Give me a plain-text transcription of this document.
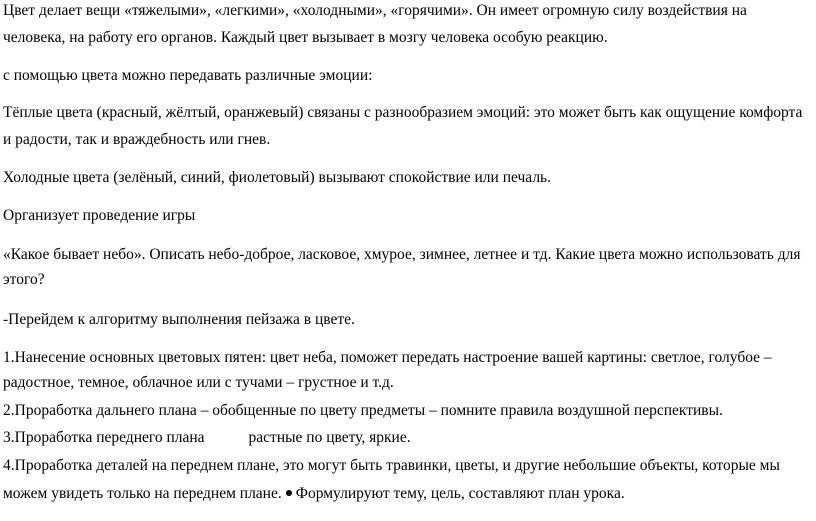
Цвет делает вещи «тяжелыми», «легкими», «холодными», «горячими». Он имеет огромную силу воздействия на
человека, на работу его органов. Каждый цвет вызывает в мозгу человека особую реакцию.
с помощью цвета можно передавать различные эмоции:
Тёплые цвета (красный, жёлтый, оранжевый) связаны с разнообразием эмоций: это может быть как ощущение комфорта
и радости, так и враждебность или гнев.
Холодные цвета (зелёный, синий, фиолетовый) вызывают спокойствие или печаль.
Организует проведение игры
«Какое бывает небо». Описать небо-доброе, ласковое, хмурое, зимнее, летнее и тд. Какие цвета можно использовать для
этого?
-Перейдем к алгоритму выполнения пейзажа в цвете.
1.Нанесение основных цветовых пятен: цвет неба, поможет передать настроение вашей картины: светлое, голубое –
радостное, темное, облачное или с тучами – грустное и т.д.
2.Проработка дальнего плана – обобщенные по цвету предметы – помните правила воздушной перспективы.
3.Проработка переднего плана	растные по цвету, яркие.
4.Проработка деталей на переднем плане, это могут быть травинки, цветы, и другие небольшие объекты, которые мы
можем увидеть только на переднем плане. Формулируют тему, цель, составляют план урока.
